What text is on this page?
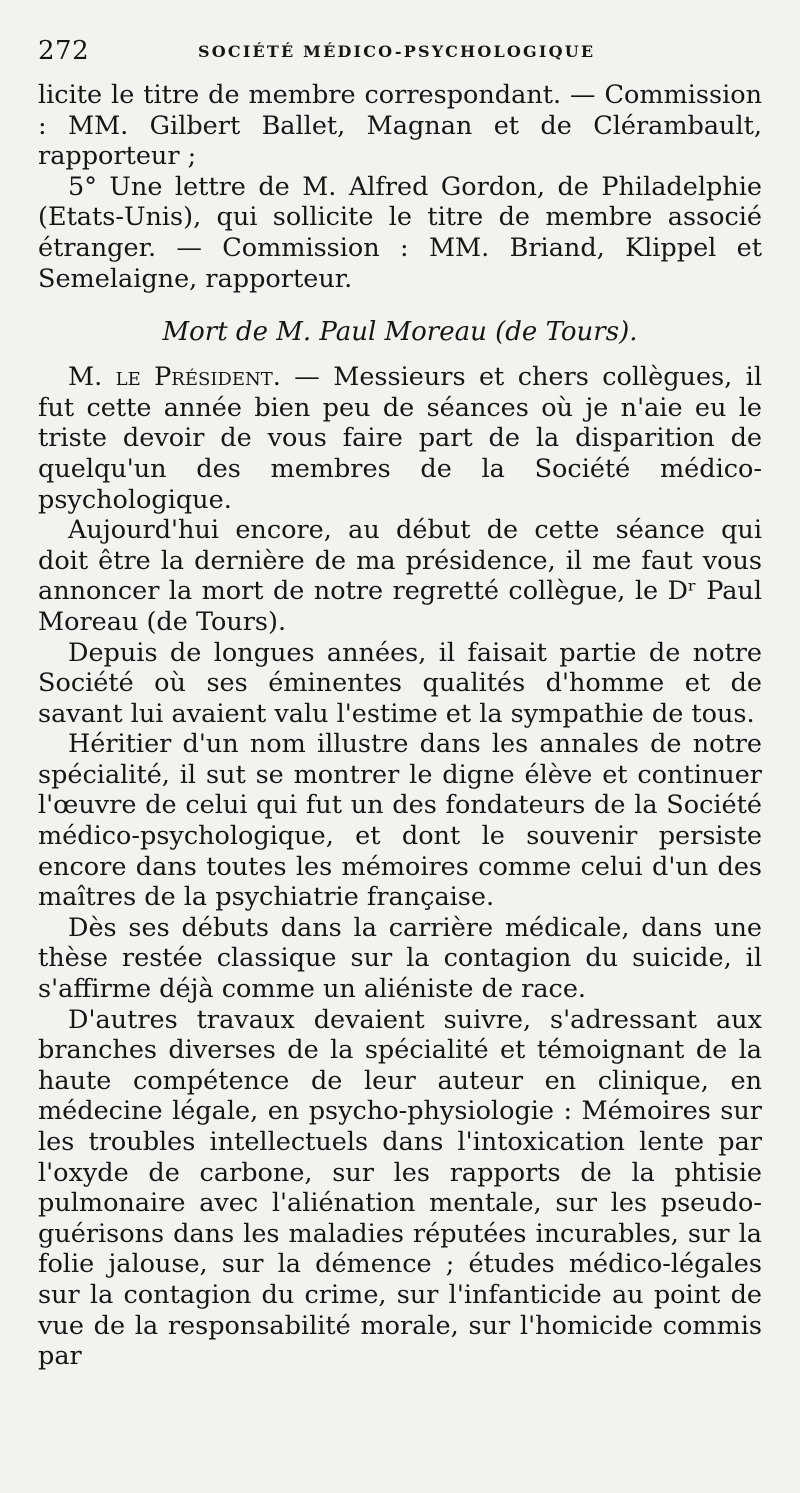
272	SOCIÉTÉ MÉDICO-PSYCHOLOGIQUE

licite le titre de membre correspondant. — Commission : MM. Gilbert Ballet, Magnan et de Clérambault, rapporteur ;

5° Une lettre de M. Alfred Gordon, de Philadelphie (Etats-Unis), qui sollicite le titre de membre associé étranger. — Commission : MM. Briand, Klippel et Semelaigne, rapporteur.

Mort de M. Paul Moreau (de Tours).

M. le Président. — Messieurs et chers collègues, il fut cette année bien peu de séances où je n'aie eu le triste devoir de vous faire part de la disparition de quelqu'un des membres de la Société médico-psychologique.

Aujourd'hui encore, au début de cette séance qui doit être la dernière de ma présidence, il me faut vous annoncer la mort de notre regretté collègue, le Dʳ Paul Moreau (de Tours).

Depuis de longues années, il faisait partie de notre Société où ses éminentes qualités d'homme et de savant lui avaient valu l'estime et la sympathie de tous.

Héritier d'un nom illustre dans les annales de notre spécialité, il sut se montrer le digne élève et continuer l'œuvre de celui qui fut un des fondateurs de la Société médico-psychologique, et dont le souvenir persiste encore dans toutes les mémoires comme celui d'un des maîtres de la psychiatrie française.

Dès ses débuts dans la carrière médicale, dans une thèse restée classique sur la contagion du suicide, il s'affirme déjà comme un aliéniste de race.

D'autres travaux devaient suivre, s'adressant aux branches diverses de la spécialité et témoignant de la haute compétence de leur auteur en clinique, en médecine légale, en psycho-physiologie : Mémoires sur les troubles intellectuels dans l'intoxication lente par l'oxyde de carbone, sur les rapports de la phtisie pulmonaire avec l'aliénation mentale, sur les pseudo-guérisons dans les maladies réputées incurables, sur la folie jalouse, sur la démence ; études médico-légales sur la contagion du crime, sur l'infanticide au point de vue de la responsabilité morale, sur l'homicide commis par
